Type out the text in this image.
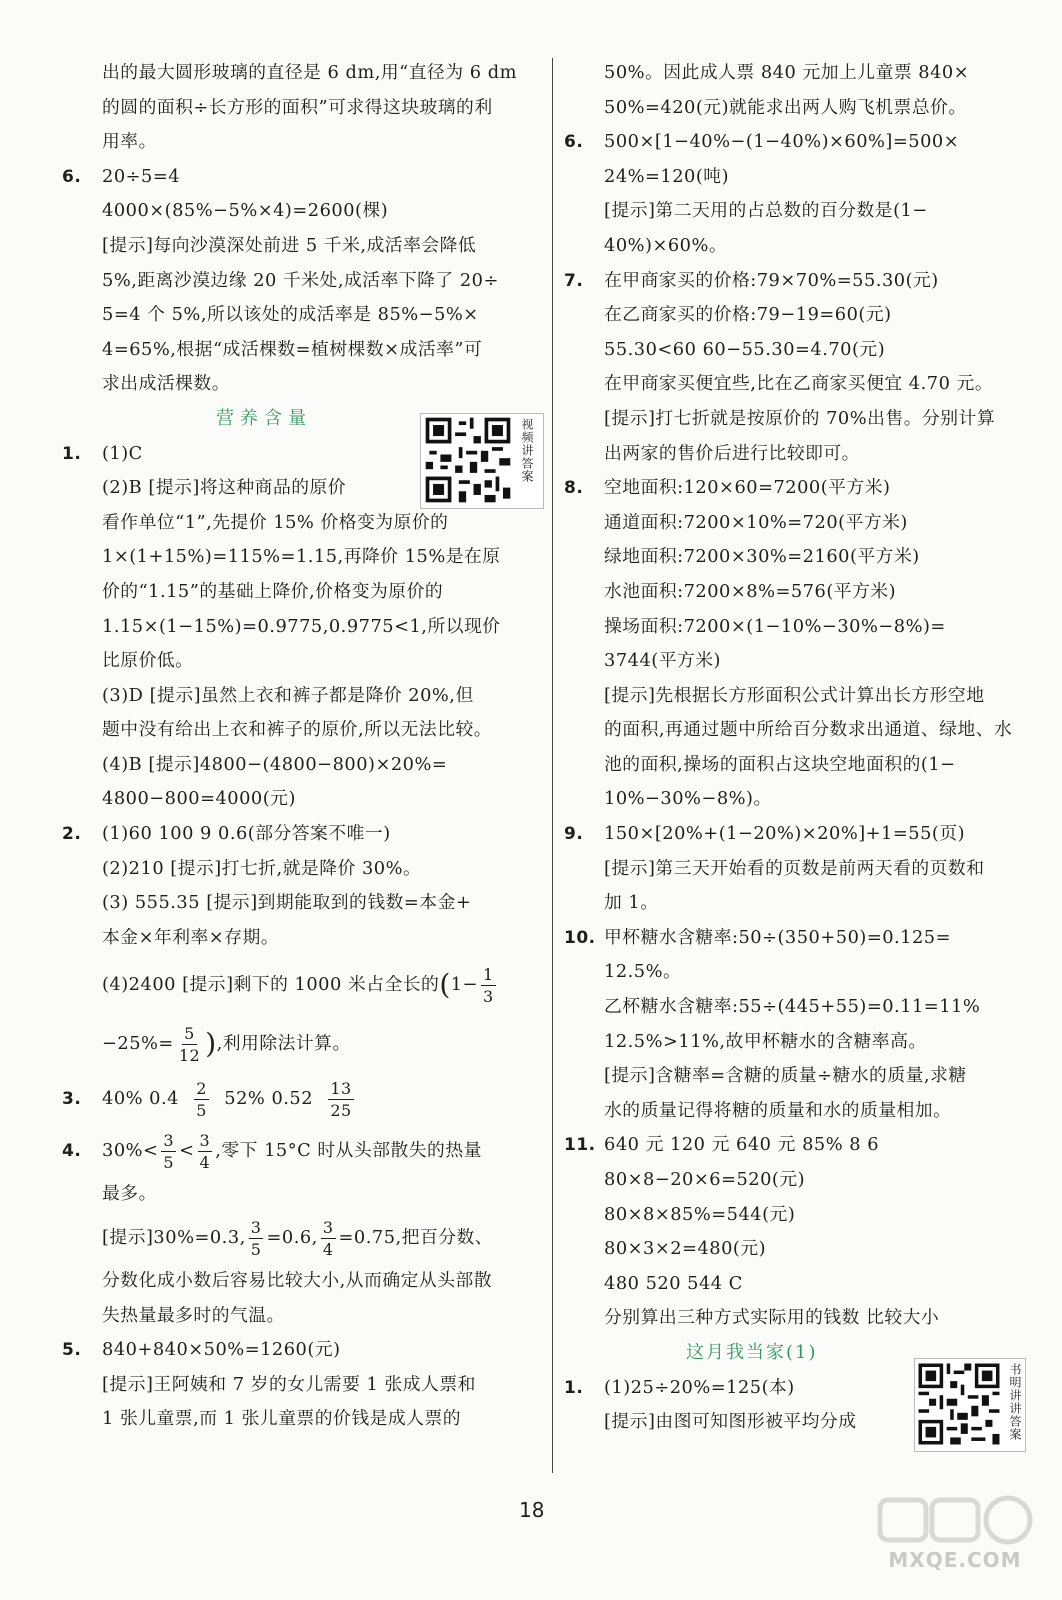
出的最大圆形玻璃的直径是 6 dm,用“直径为 6 dm
的圆的面积÷长方形的面积”可求得这块玻璃的利
用率。
6. 20÷5=4
4000×(85%−5%×4)=2600(棵)
[提示]每向沙漠深处前进 5 千米,成活率会降低
5%,距离沙漠边缘 20 千米处,成活率下降了 20÷
5=4 个 5%,所以该处的成活率是 85%−5%×
4=65%,根据“成活棵数=植树棵数×成活率”可
求出成活棵数。
营养含量
1. (1)C
(2)B [提示]将这种商品的原价
看作单位“1”,先提价 15% 价格变为原价的
1×(1+15%)=115%=1.15,再降价 15%是在原
价的“1.15”的基础上降价,价格变为原价的
1.15×(1−15%)=0.9775,0.9775<1,所以现价
比原价低。
(3)D [提示]虽然上衣和裤子都是降价 20%,但
题中没有给出上衣和裤子的原价,所以无法比较。
(4)B [提示]4800−(4800−800)×20%=
4800−800=4000(元)
2. (1)60 100 9 0.6(部分答案不唯一)
(2)210 [提示]打七折,就是降价 30%。
(3) 555.35 [提示]到期能取到的钱数=本金+
本金×年利率×存期。
(4)2400 [提示]剩下的 1000 米占全长的($1- \frac{1}{3}$
$-25\%= \frac{5}{12}$ ),利用除法计算。
3. 40% $0.4 \frac{2}{5} 52\%$ $0.52 \frac{13}{25}$
4. $30\%< \frac{3}{5} < \frac{3}{4}$ ,零下 15°C 时从头部散失的热量
最多。
[提示]30%=0.3, $\frac{3}{5} =0.6$, $\frac{3}{4} =0.75$,把百分数、
分数化成小数后容易比较大小,从而确定从头部散
失热量最多时的气温。
5. 840+840×50%=1260(元)
[提示]王阿姨和 7 岁的女儿需要 1 张成人票和
1 张儿童票,而 1 张儿童票的价钱是成人票的
50%。因此成人票 840 元加上儿童票 840×
50%=420(元)就能求出两人购飞机票总价。
6. 500×[1−40%−(1−40%)×60%]=500×
24%=120(吨)
[提示]第二天用的占总数的百分数是(1−
40%)×60%。
7. 在甲商家买的价格:79×70%=55.30(元)
在乙商家买的价格:79−19=60(元)
55.30<60 60−55.30=4.70(元)
在甲商家买便宜些,比在乙商家买便宜 4.70 元。
[提示]打七折就是按原价的 70%出售。分别计算
出两家的售价后进行比较即可。
8. 空地面积:120×60=7200(平方米)
通道面积:7200×10%=720(平方米)
绿地面积:7200×30%=2160(平方米)
水池面积:7200×8%=576(平方米)
操场面积:7200×(1−10%−30%−8%)=
3744(平方米)
[提示]先根据长方形面积公式计算出长方形空地
的面积,再通过题中所给百分数求出通道、绿地、水
池的面积,操场的面积占这块空地面积的(1−
10%−30%−8%)。
9. 150×[20%+(1−20%)×20%]+1=55(页)
[提示]第三天开始看的页数是前两天看的页数和
加 1。
10. 甲杯糖水含糖率:50÷(350+50)=0.125=
12.5%。
乙杯糖水含糖率:55÷(445+55)=0.11=11%
12.5%>11%,故甲杯糖水的含糖率高。
[提示]含糖率=含糖的质量÷糖水的质量,求糖
水的质量记得将糖的质量和水的质量相加。
11. 640 元 120 元 640 元 85% 8 6
80×8−20×6=520(元)
80×8×85%=544(元)
80×3×2=480(元)
480 520 544 C
分别算出三种方式实际用的钱数 比较大小
这月我当家(1)
1. (1)25÷20%=125(本)
[提示]由图可知图形被平均分成
视频讲答案
书明讲讲答案
18
MXQE.COM
